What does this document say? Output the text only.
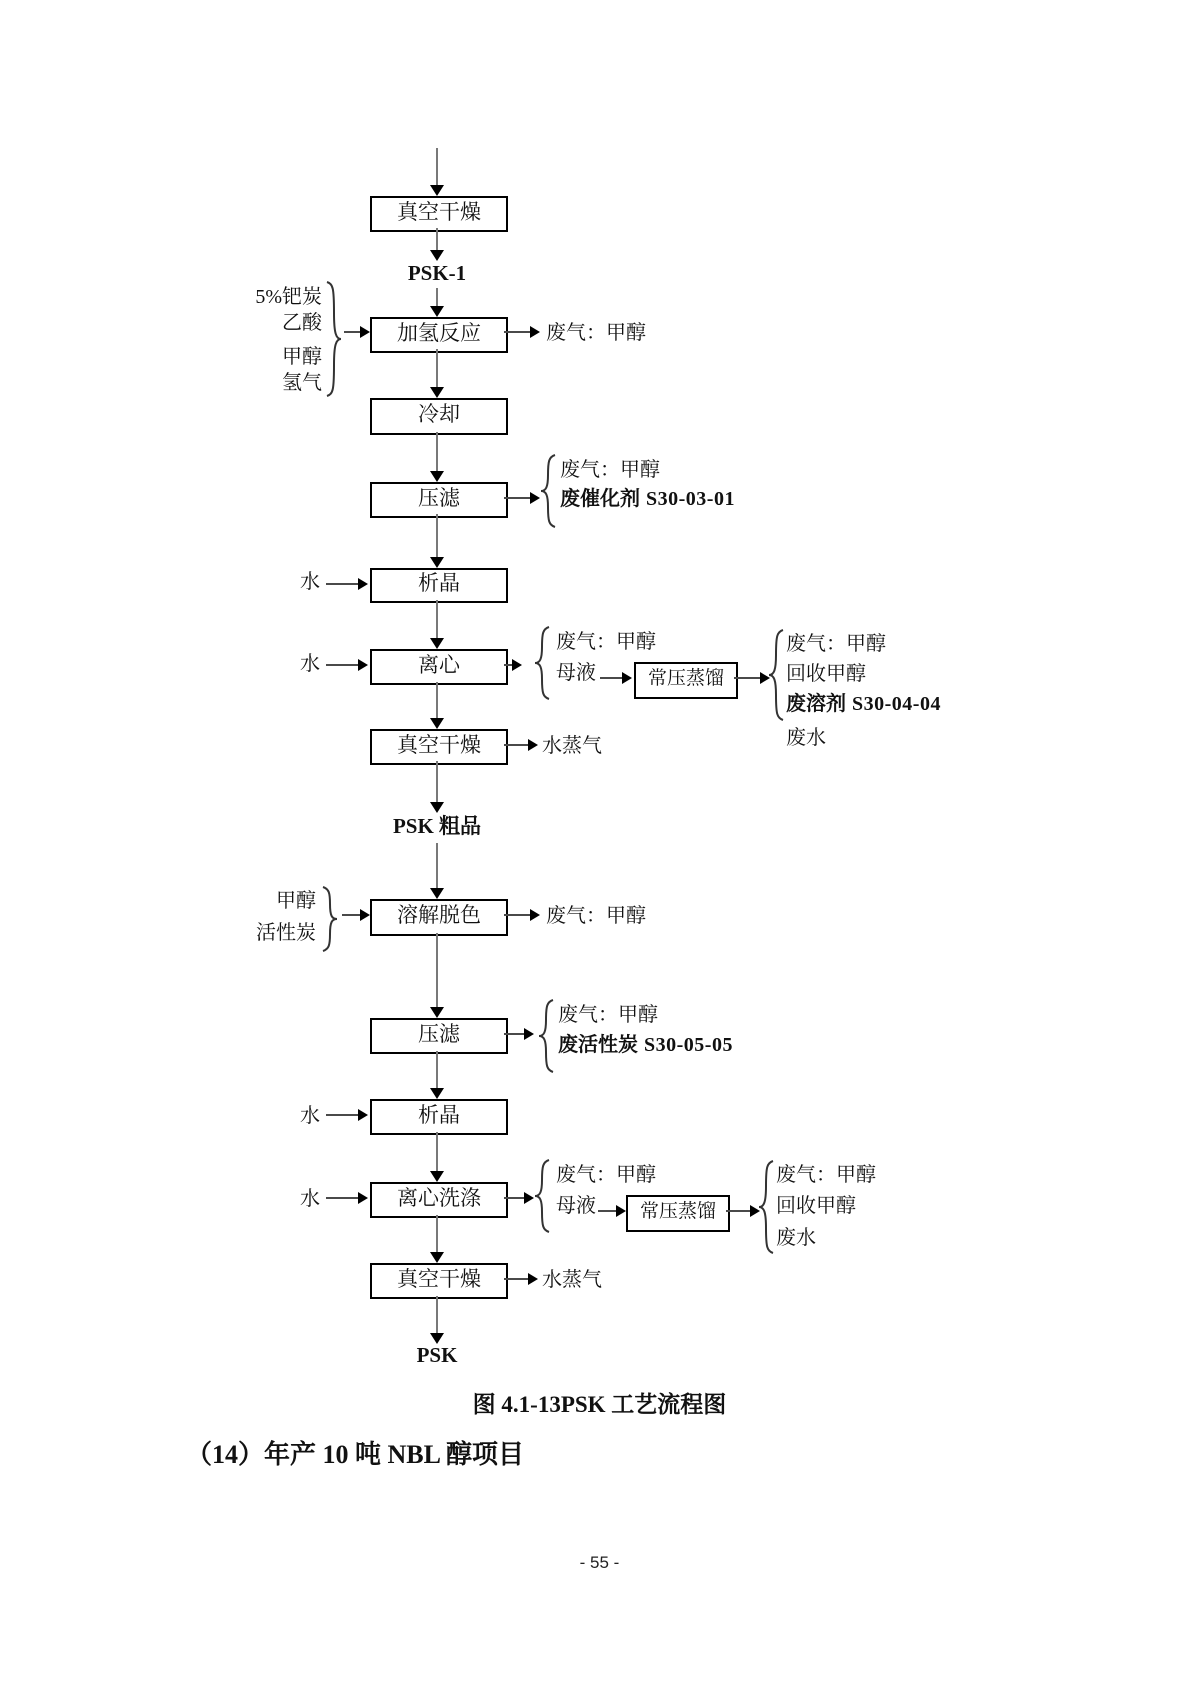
真空干燥
PSK-1
5%钯炭
乙酸
甲醇
氢气
加氢反应	废气：甲醇
冷却
压滤
废气：甲醇
废催化剂 S30-03-01
水	析晶
水	离心
废气：甲醇
母液	常压蒸馏
废气：甲醇
回收甲醇
废溶剂 S30-04-04
废水
真空干燥	水蒸气
PSK 粗品
甲醇
活性炭
溶解脱色	废气：甲醇
压滤
废气：甲醇
废活性炭 S30-05-05
水	析晶
水	离心洗涤
废气：甲醇
母液	常压蒸馏
废气：甲醇
回收甲醇
废水
真空干燥	水蒸气
PSK
图 4.1-13PSK 工艺流程图
（14）年产 10 吨 NBL 醇项目
- 55 -
